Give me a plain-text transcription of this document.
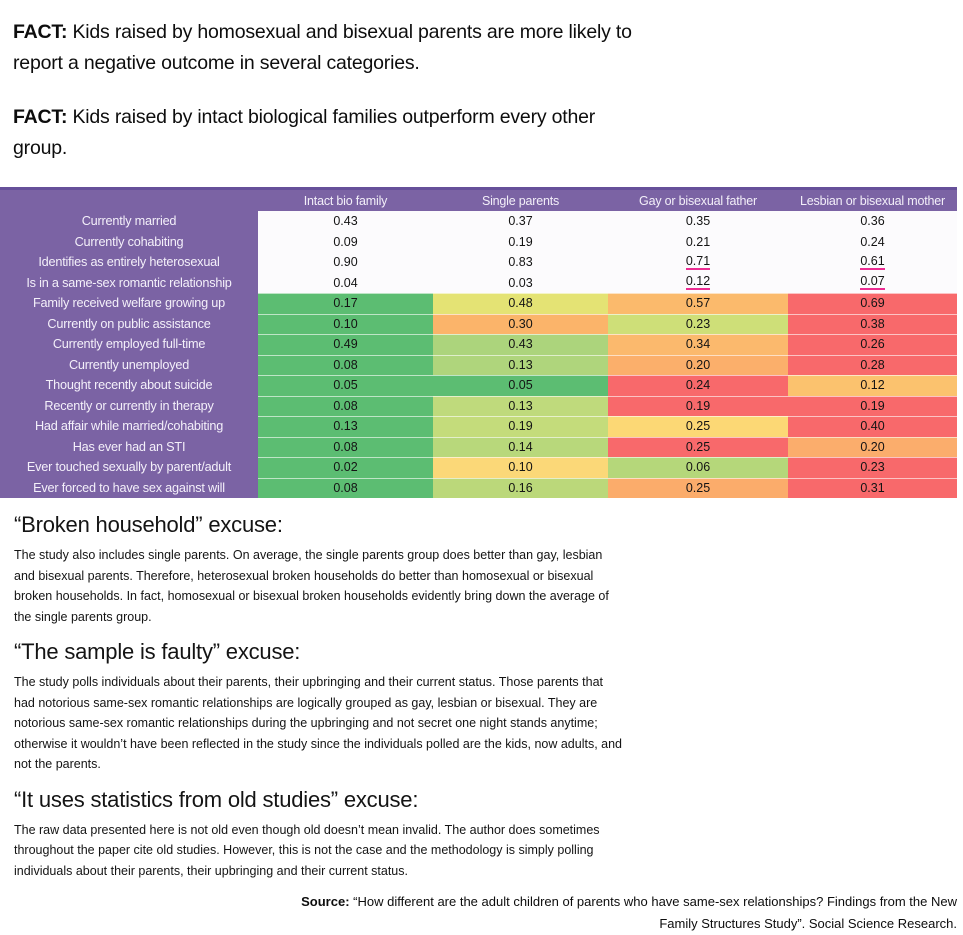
FACT: Kids raised by homosexual and bisexual parents are more likely to report a negative outcome in several categories.

FACT: Kids raised by intact biological families outperform every other group.

Intact bio family	Single parents	Gay or bisexual father	Lesbian or bisexual mother
Currently married	0.43	0.37	0.35	0.36
Currently cohabiting	0.09	0.19	0.21	0.24
Identifies as entirely heterosexual	0.90	0.83	0.71	0.61
Is in a same-sex romantic relationship	0.04	0.03	0.12	0.07
Family received welfare growing up	0.17	0.48	0.57	0.69
Currently on public assistance	0.10	0.30	0.23	0.38
Currently employed full-time	0.49	0.43	0.34	0.26
Currently unemployed	0.08	0.13	0.20	0.28
Thought recently about suicide	0.05	0.05	0.24	0.12
Recently or currently in therapy	0.08	0.13	0.19	0.19
Had affair while married/cohabiting	0.13	0.19	0.25	0.40
Has ever had an STI	0.08	0.14	0.25	0.20
Ever touched sexually by parent/adult	0.02	0.10	0.06	0.23
Ever forced to have sex against will	0.08	0.16	0.25	0.31
“Broken household” excuse:

The study also includes single parents. On average, the single parents group does better than gay, lesbian and bisexual parents. Therefore, heterosexual broken households do better than homosexual or bisexual broken households. In fact, homosexual or bisexual broken households evidently bring down the average of the single parents group.

“The sample is faulty” excuse:

The study polls individuals about their parents, their upbringing and their current status. Those parents that had notorious same-sex romantic relationships are logically grouped as gay, lesbian or bisexual. They are notorious same-sex romantic relationships during the upbringing and not secret one night stands anytime; otherwise it wouldn’t have been reflected in the study since the individuals polled are the kids, now adults, and not the parents.

“It uses statistics from old studies” excuse:

The raw data presented here is not old even though old doesn’t mean invalid. The author does sometimes throughout the paper cite old studies. However, this is not the case and the methodology is simply polling individuals about their parents, their upbringing and their current status.

Source: “How different are the adult children of parents who have same-sex relationships? Findings from the New Family Structures Study”. Social Science Research.
